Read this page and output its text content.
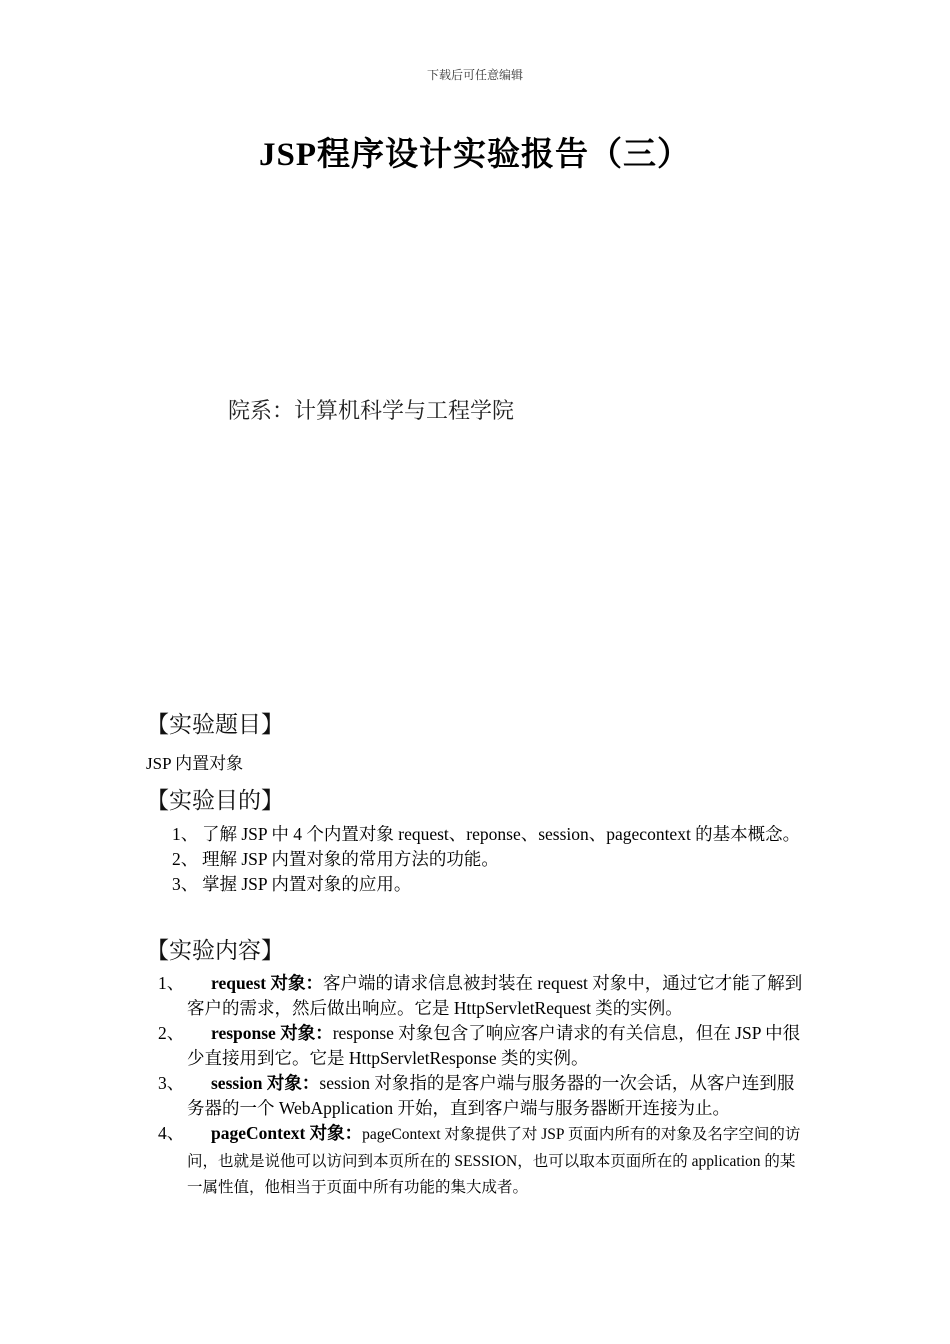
下载后可任意编辑
JSP程序设计实验报告（三）
院系：计算机科学与工程学院
【实验题目】
JSP 内置对象
【实验目的】
1、 了解 JSP 中 4 个内置对象 request、reponse、session、pagecontext 的基本概念。
2、 理解 JSP 内置对象的常用方法的功能。
3、 掌握 JSP 内置对象的应用。
【实验内容】
1、 request 对象：客户端的请求信息被封装在 request 对象中，通过它才能了解到客户的需求，然后做出响应。它是 HttpServletRequest 类的实例。
2、 response 对象：response 对象包含了响应客户请求的有关信息，但在 JSP 中很少直接用到它。它是 HttpServletResponse 类的实例。
3、 session 对象：session 对象指的是客户端与服务器的一次会话，从客户连到服务器的一个 WebApplication 开始，直到客户端与服务器断开连接为止。
4、 pageContext 对象：pageContext 对象提供了对 JSP 页面内所有的对象及名字空间的访问，也就是说他可以访问到本页所在的 SESSION，也可以取本页面所在的 application 的某一属性值，他相当于页面中所有功能的集大成者。
